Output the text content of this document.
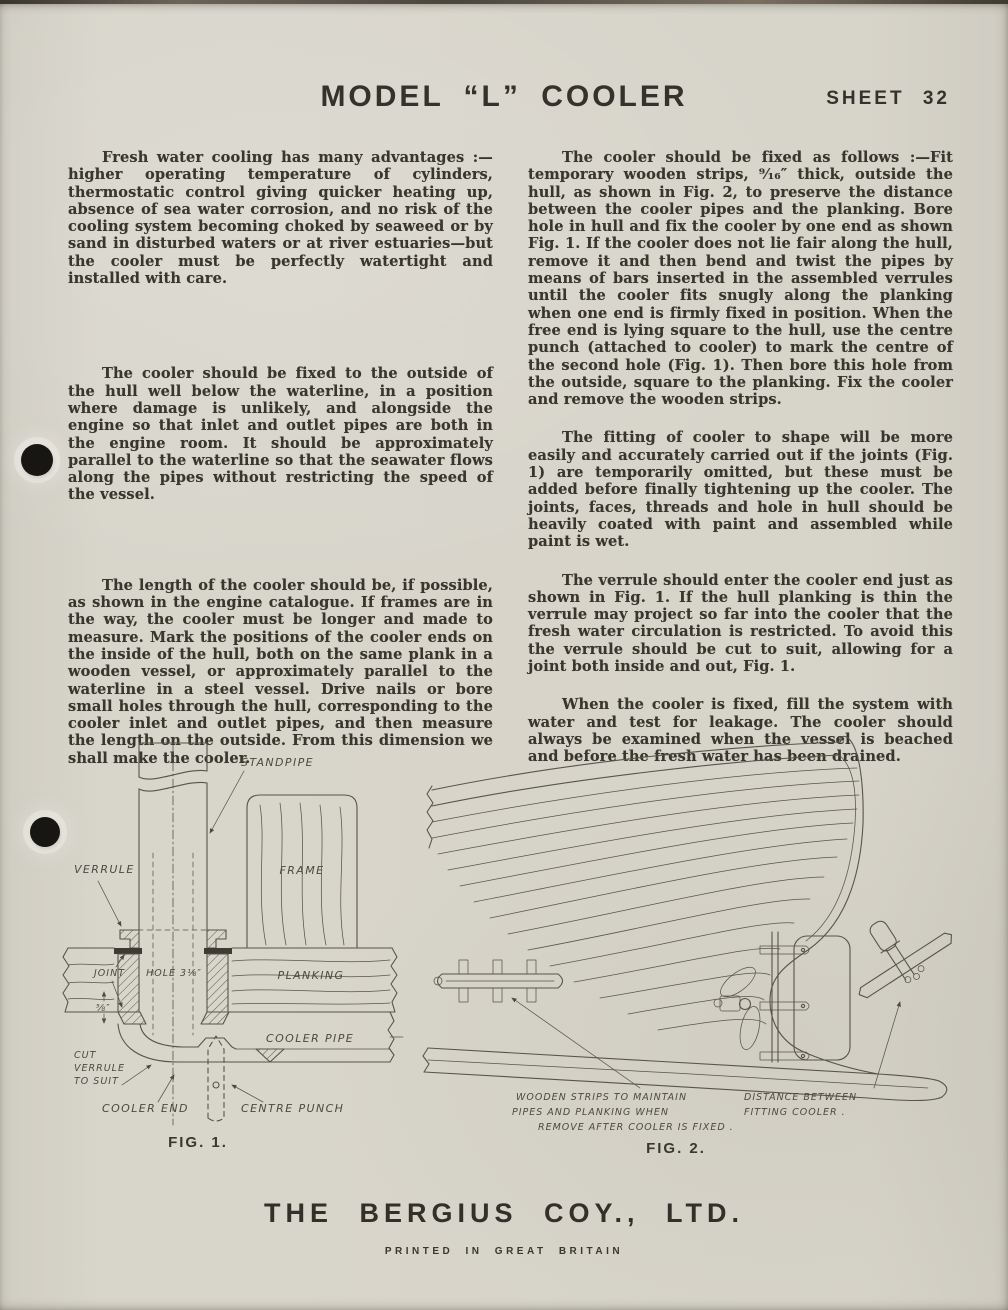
MODEL “L” COOLER	SHEET 32

Fresh water cooling has many advantages :—higher operating temperature of cylinders, thermostatic control giving quicker heating up, absence of sea water corrosion, and no risk of the cooling system becoming choked by seaweed or by sand in disturbed waters or at river estuaries—but the cooler must be perfectly watertight and installed with care.

The cooler should be fixed to the outside of the hull well below the waterline, in a position where damage is unlikely, and alongside the engine so that inlet and outlet pipes are both in the engine room. It should be approximately parallel to the waterline so that the seawater flows along the pipes without restricting the speed of the vessel.

The length of the cooler should be, if possible, as shown in the engine catalogue. If frames are in the way, the cooler must be longer and made to measure. Mark the positions of the cooler ends on the inside of the hull, both on the same plank in a wooden vessel, or approximately parallel to the waterline in a steel vessel. Drive nails or bore small holes through the hull, corresponding to the cooler inlet and outlet pipes, and then measure the length on the outside. From this dimension we shall make the cooler.

The cooler should be fixed as follows :—Fit temporary wooden strips, ⁹⁄₁₆″ thick, outside the hull, as shown in Fig. 2, to preserve the distance between the cooler pipes and the planking. Bore hole in hull and fix the cooler by one end as shown Fig. 1. If the cooler does not lie fair along the hull, remove it and then bend and twist the pipes by means of bars inserted in the assembled verrules until the cooler fits snugly along the planking when one end is firmly fixed in position. When the free end is lying square to the hull, use the centre punch (attached to cooler) to mark the centre of the second hole (Fig. 1). Then bore this hole from the outside, square to the planking. Fix the cooler and remove the wooden strips.

The fitting of cooler to shape will be more easily and accurately carried out if the joints (Fig. 1) are temporarily omitted, but these must be added before finally tightening up the cooler. The joints, faces, threads and hole in hull should be heavily coated with paint and assembled while paint is wet.

The verrule should enter the cooler end just as shown in Fig. 1. If the hull planking is thin the verrule may project so far into the cooler that the fresh water circulation is restricted. To avoid this the verrule should be cut to suit, allowing for a joint both inside and out, Fig. 1.

When the cooler is fixed, fill the system with water and test for leakage. The cooler should always be examined when the vessel is beached and before the fresh water has been drained.

STANDPIPE
VERRULE	FRAME
JOINT HOLE 3⅛″	PLANKING
⅝″
CUT
VERRULE
TO SUIT
COOLER PIPE
COOLER END	CENTRE PUNCH
FIG. 1.
WOODEN STRIPS TO MAINTAIN	DISTANCE BETWEEN
PIPES AND PLANKING WHEN	FITTING COOLER .
REMOVE AFTER COOLER IS FIXED .
FIG. 2.
THE BERGIUS COY., LTD.
PRINTED IN GREAT BRITAIN
